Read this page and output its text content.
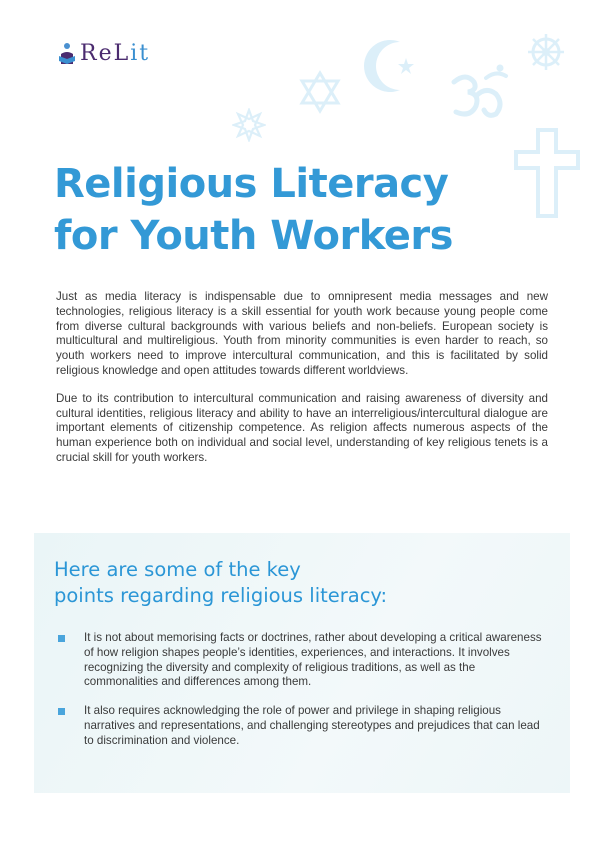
ReLit
Religious Literacy
for Youth Workers

Just as media literacy is indispensable due to omnipresent media messages and new technologies, religious literacy is a skill essential for youth work because young people come from diverse cultural backgrounds with various beliefs and non-beliefs. European society is multicultural and multireligious. Youth from minority communities is even harder to reach, so youth workers need to improve intercultural communication, and this is facilitated by solid religious knowledge and open attitudes towards different worldviews.

Due to its contribution to intercultural communication and raising awareness of diversity and cultural identities, religious literacy and ability to have an interreligious/intercultural dialogue are important elements of citizenship competence. As religion affects numerous aspects of the human experience both on individual and social level, understanding of key religious tenets is a crucial skill for youth workers.

Here are some of the key
points regarding religious literacy:
It is not about memorising facts or doctrines, rather about developing a critical awareness of how religion shapes people’s identities, experiences, and interactions. It involves recognizing the diversity and complexity of religious traditions, as well as the commonalities and differences among them.
It also requires acknowledging the role of power and privilege in shaping religious narratives and representations, and challenging stereotypes and prejudices that can lead to discrimination and violence.
